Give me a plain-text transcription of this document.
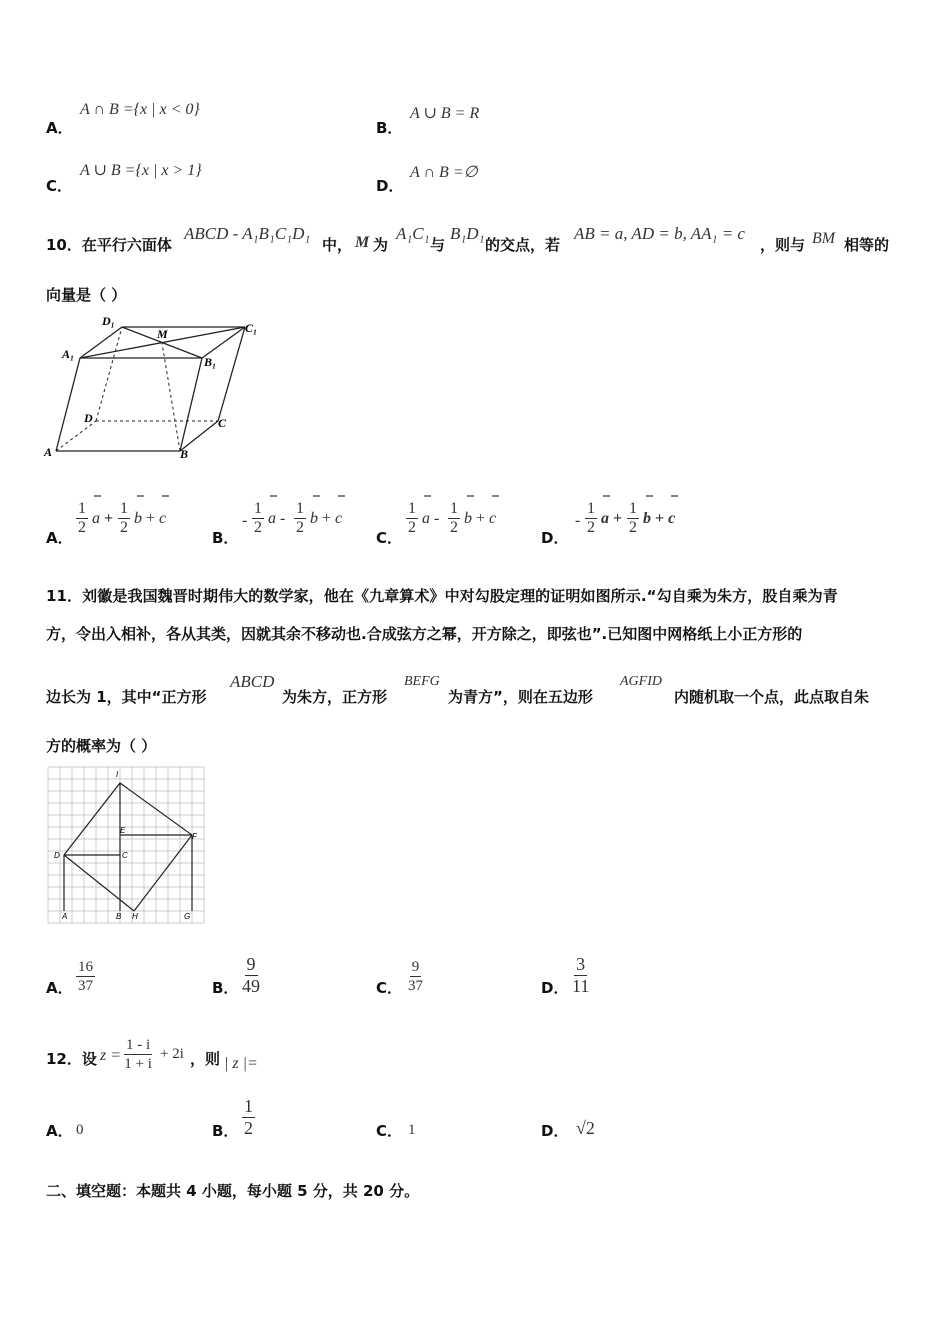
A．
A ∩ B ={x | x < 0}
B．
A ∪ B = R
C．
A ∪ B ={x | x > 1}
D．
A ∩ B =∅
10．在平行六面体
ABCD - A₁B₁C₁D₁
中， M 为
A₁C₁
与
B₁D₁
的交点，若
AB = a, AD = b, AA₁ = c
，则与 BM 相等的
向量是（ ）
D₁
M	C₁
A₁
B₁
D	C
A	B
A．
$\frac{1}{2}$ $a + \frac{1}{2}$ b + c
B．
- $\frac{1}{2}$ a - $\frac{1}{2}$ b + c
C．
$\frac{1}{2}$ a - $\frac{1}{2}$ b + c
D．
- $\frac{1}{2}$ $a + \frac{1}{2}$ b + c
11．刘徽是我国魏晋时期伟大的数学家，他在《九章算术》中对勾股定理的证明如图所示.“勾自乘为朱方，股自乘为青
方，令出入相补，各从其类，因就其余不移动也.合成弦方之幂，开方除之，即弦也”.已知图中网格纸上小正方形的
边长为 1，其中“正方形
ABCD
为朱方，正方形
BEFG
为青方”，则在五边形
AGFID
内随机取一个点，此点取自朱
方的概率为（ ）
I
E
F
D	C
A	B H	G
A． $\frac{16}{37}$	B． $\frac{9}{49}$	C． $\frac{9}{37}$	D． $\frac{3}{11}$
12．设 $z = \frac{1 - i}{1 + i} + 2i$ ，则 | z |=
A． 0	B． $\frac{1}{2}$	C． 1	D． √2
二、填空题：本题共 4 小题，每小题 5 分，共 20 分。
